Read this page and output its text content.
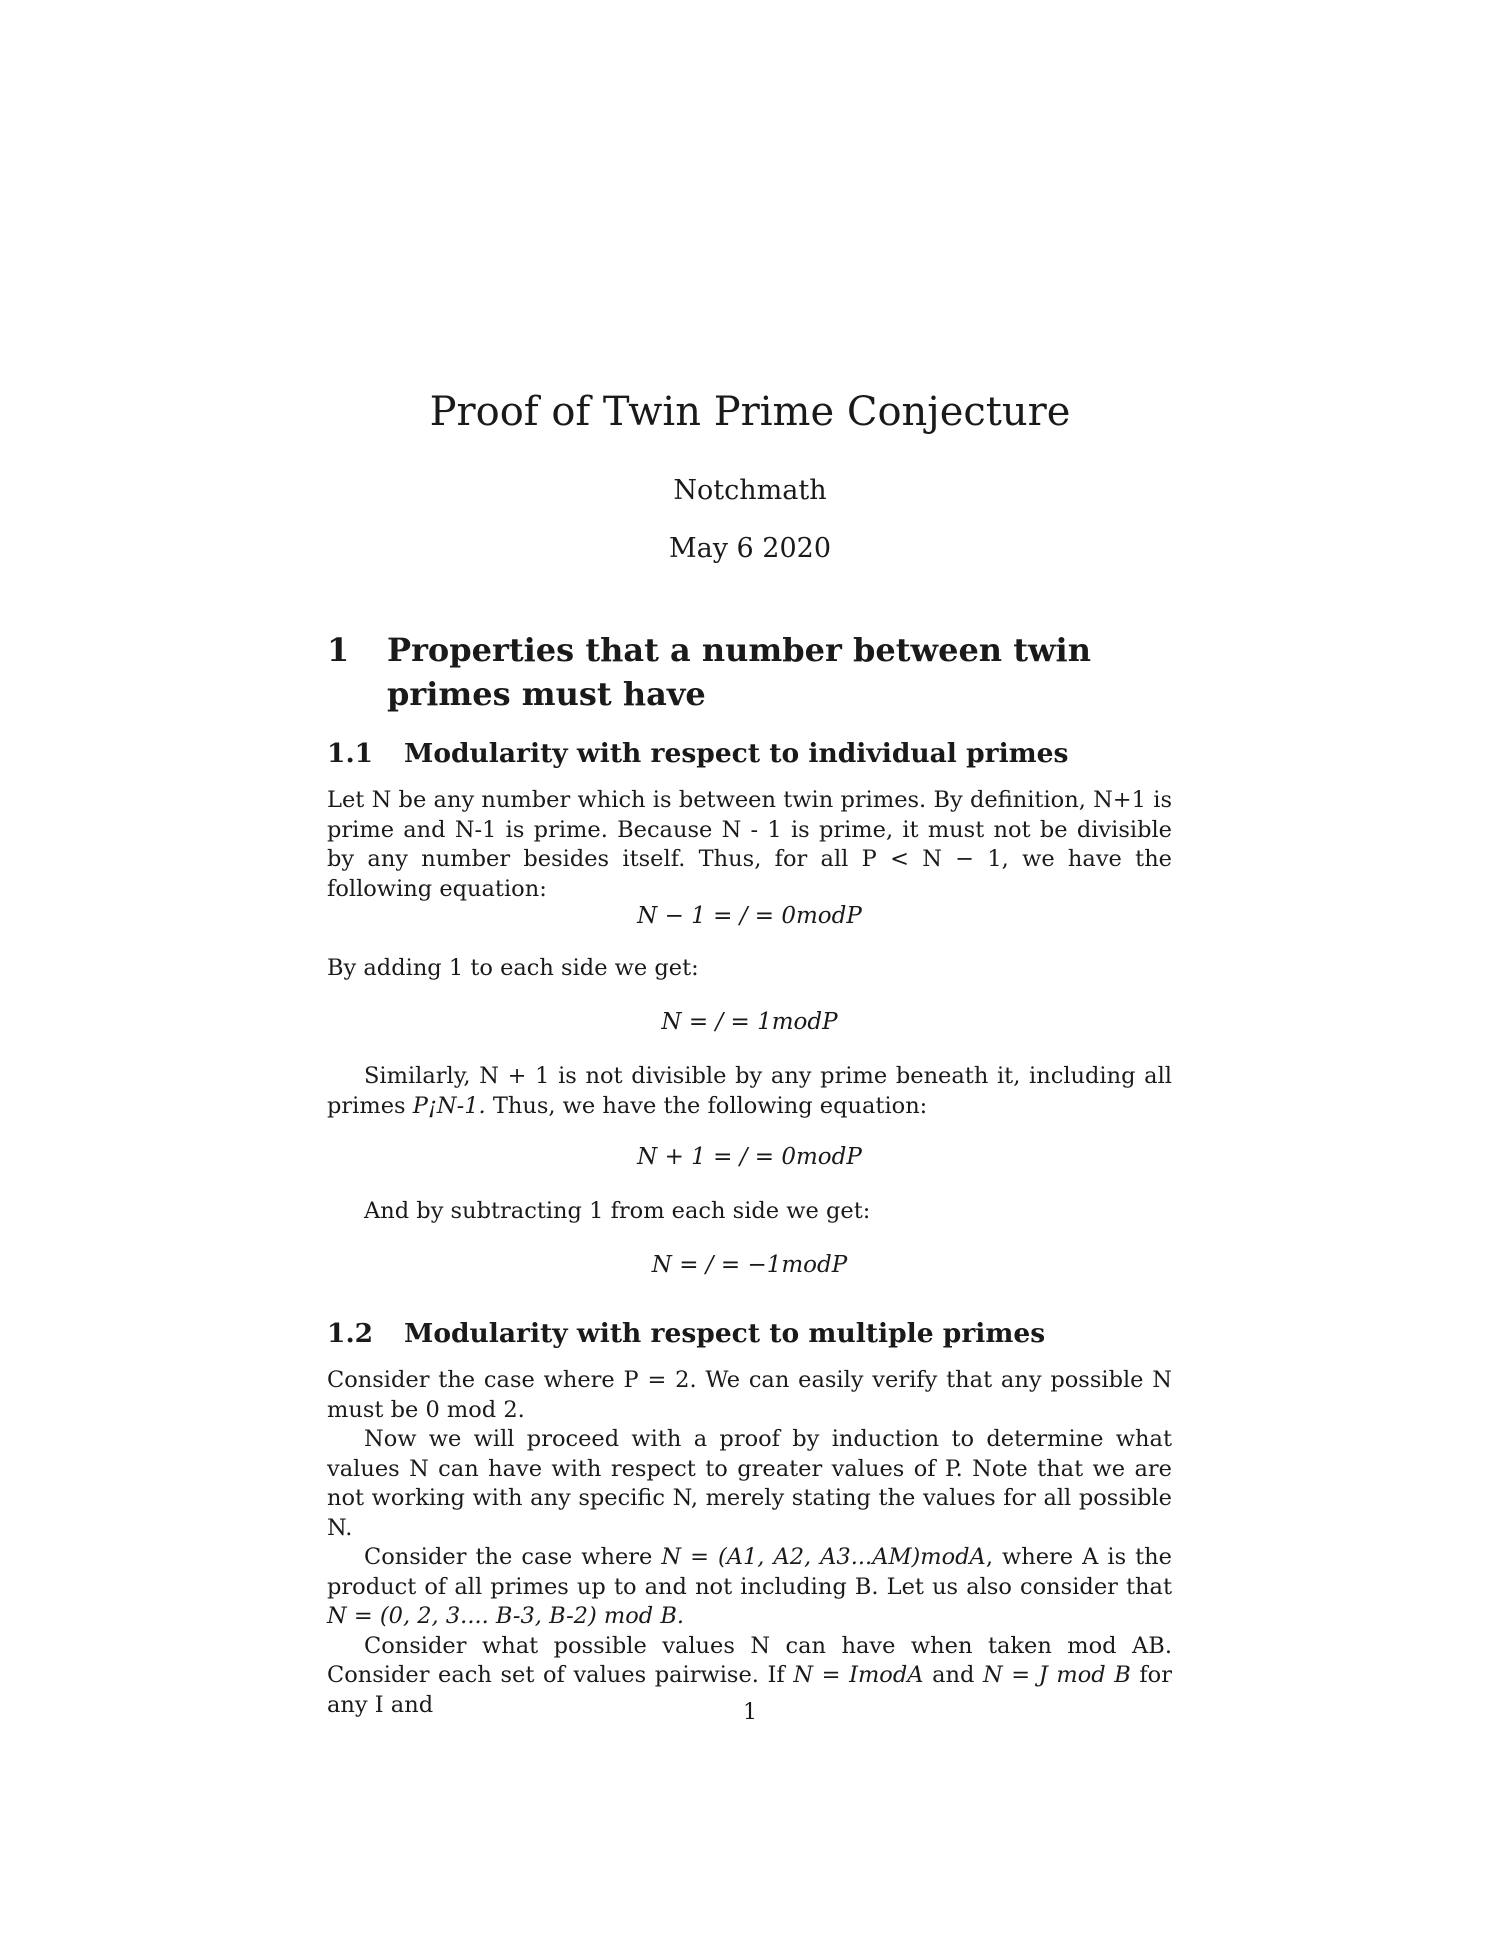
Proof of Twin Prime Conjecture
Notchmath
May 6 2020
1	Properties that a number between twin primes must have
1.1	Modularity with respect to individual primes

Let N be any number which is between twin primes. By definition, N+1 is prime and N-1 is prime. Because N - 1 is prime, it must not be divisible by any number besides itself. Thus, for all P < N − 1, we have the following equation:

N − 1 = / = 0modP

By adding 1 to each side we get:

N = / = 1modP

Similarly, N + 1 is not divisible by any prime beneath it, including all primes P¡N-1. Thus, we have the following equation:

N + 1 = / = 0modP

And by subtracting 1 from each side we get:

N = / = −1modP
1.2	Modularity with respect to multiple primes

Consider the case where P = 2. We can easily verify that any possible N must be 0 mod 2.

Now we will proceed with a proof by induction to determine what values N can have with respect to greater values of P. Note that we are not working with any specific N, merely stating the values for all possible N.

Consider the case where N = (A1, A2, A3...AM)modA, where A is the product of all primes up to and not including B. Let us also consider that N = (0, 2, 3.... B-3, B-2) mod B.

Consider what possible values N can have when taken mod AB. Consider each set of values pairwise. If N = ImodA and N = J mod B for any I and	1
